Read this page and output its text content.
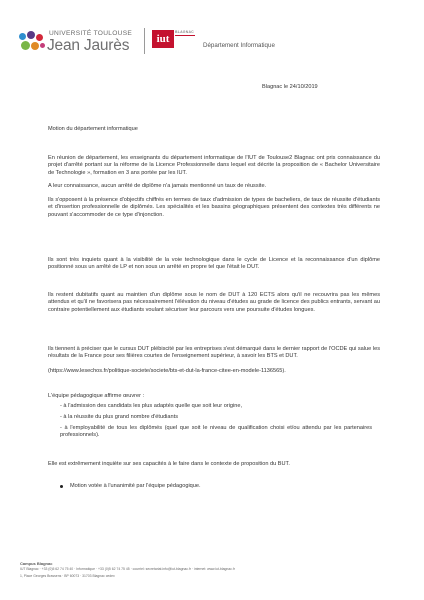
UNIVERSITÉ TOULOUSE
Jean Jaurès	iut
BLAGNAC
Département Informatique
Blagnac le 24/10/2019
Motion du département informatique
En réunion de département, les enseignants du département informatique de l'IUT de Toulouse2 Blagnac ont pris connaissance du projet d'arrêté portant sur la réforme de la Licence Professionnelle dans lequel est décrite la proposition de « Bachelor Universitaire de Technologie », formation en 3 ans portée par les IUT.
A leur connaissance, aucun arrêté de diplôme n'a jamais mentionné un taux de réussite.
Ils s'opposent à la présence d'objectifs chiffrés en termes de taux d'admission de types de bacheliers, de taux de réussite d'étudiants et d'insertion professionnelle de diplômés. Les spécialités et les bassins géographiques présentent des contextes très différents ne pouvant s'accommoder de ce type d'injonction.
Ils sont très inquiets quant à la visibilité de la voie technologique dans le cycle de Licence et la reconnaissance d'un diplôme positionné sous un arrêté de LP et non sous un arrêté en propre tel que l'était le DUT.
Ils restent dubitatifs quant au maintien d'un diplôme sous le nom de DUT à 120 ECTS alors qu'il ne recouvrira pas les mêmes attendus et qu'il ne favorisera pas nécessairement l'élévation du niveau d'études au grade de licence des publics entrants, servant au contraire potentiellement aux étudiants voulant sécuriser leur parcours vers une poursuite d'études longues.
Ils tiennent à préciser que le cursus DUT plébiscité par les entreprises s'est démarqué dans le dernier rapport de l'OCDE qui salue les résultats de la France pour ses filières courtes de l'enseignement supérieur, à savoir les BTS et DUT.
(https://www.lesechos.fr/politique-societe/societe/bts-et-dut-la-france-citee-en-modele-1136565).
L'équipe pédagogique affirme œuvrer :
- à l'admission des candidats les plus adaptés quelle que soit leur origine,
- à la réussite du plus grand nombre d'étudiants
- à l'employabilité de tous les diplômés (quel que soit le niveau de qualification choisi et/ou attendu par les partenaires professionnels).
Elle est extrêmement inquiète sur ses capacités à le faire dans le contexte de proposition du BUT.
Motion votée à l'unanimité par l'équipe pédagogique.
Campus Blagnac
IUT Blagnac · +33 (0)5 62 74 75 40 · Informatique · +33 (0)5 62 74 75 45 · courriel: secretariat.info@iut-blagnac.fr · internet: www.iut-blagnac.fr
1, Place Georges Brassens · BP 60073 · 31703 Blagnac cedex
